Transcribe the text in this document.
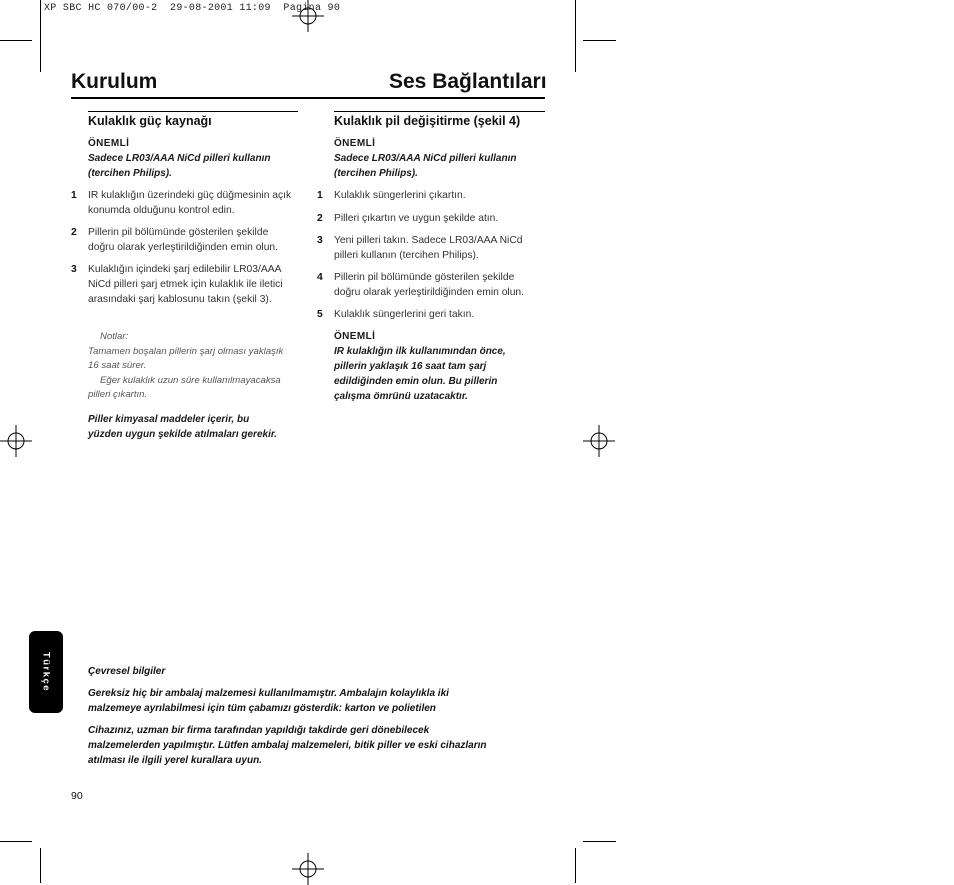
XP SBC HC 070/00-2  29-08-2001 11:09  Pagina 90
Kurulum	Ses Bağlantıları
Kulaklık güç kaynağı
ÖNEMLİ
Sadece LR03/AAA NiCd pilleri kullanın
(tercihen Philips).
1 IR kulaklığın üzerindeki güç düğmesinin açık
konumda olduğunu kontrol edin.
2 Pillerin pil bölümünde gösterilen şekilde
doğru olarak yerleştirildiğinden emin olun.
3 Kulaklığın içindeki şarj edilebilir LR03/AAA
NiCd pilleri şarj etmek için kulaklık ile iletici
arasındaki şarj kablosunu takın (şekil 3).
Notlar:
Tamamen boşalan pillerin şarj olması yaklaşık
16 saat sürer.
Eğer kulaklık uzun süre kullanılmayacaksa
pilleri çıkartın.
Piller kimyasal maddeler içerir, bu
yüzden uygun şekilde atılmaları gerekir.
Kulaklık pil değişitirme (şekil 4)
ÖNEMLİ
Sadece LR03/AAA NiCd pilleri kullanın
(tercihen Philips).
1 Kulaklık süngerlerini çıkartın.
2 Pilleri çıkartın ve uygun şekilde atın.
3 Yeni pilleri takın. Sadece LR03/AAA NiCd
pilleri kullanın (tercihen Philips).
4 Pillerin pil bölümünde gösterilen şekilde
doğru olarak yerleştirildiğinden emin olun.
5 Kulaklık süngerlerini geri takın.
ÖNEMLİ
IR kulaklığın ilk kullanımından önce,
pillerin yaklaşık 16 saat tam şarj
edildiğinden emin olun. Bu pillerin
çalışma ömrünü uzatacaktır.
Türkçe	Çevresel bilgiler
Gereksiz hiç bir ambalaj malzemesi kullanılmamıştır. Ambalajın kolaylıkla iki
malzemeye ayrılabilmesi için tüm çabamızı gösterdik: karton ve polietilen
Cihazınız, uzman bir firma tarafından yapıldığı takdirde geri dönebilecek
malzemelerden yapılmıştır. Lütfen ambalaj malzemeleri, bitik piller ve eski cihazların
atılması ile ilgili yerel kurallara uyun.
90
